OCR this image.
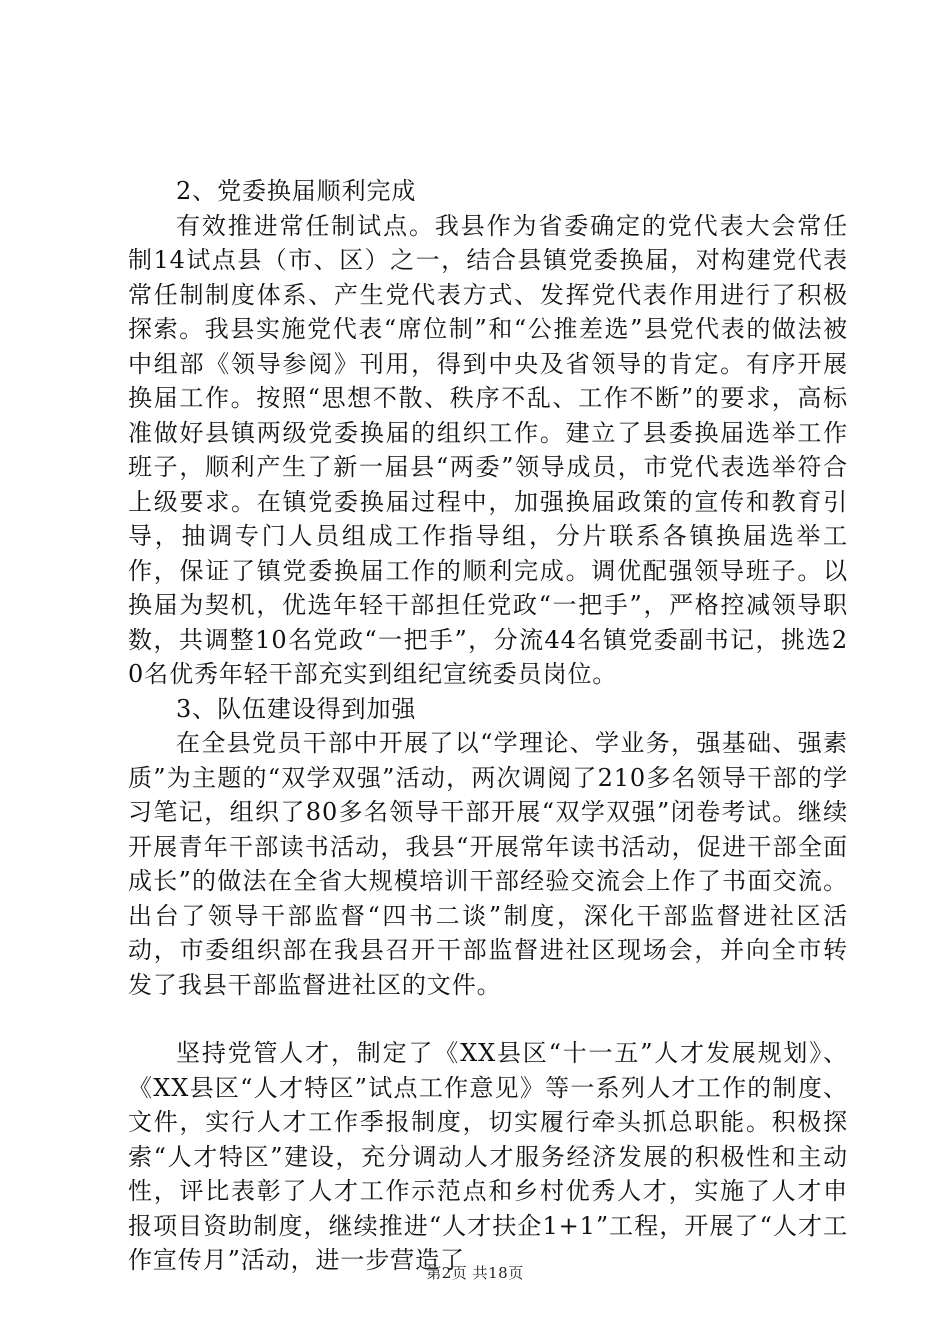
2、党委换届顺利完成

有效推进常任制试点。我县作为省委确定的党代表大会常任制14试点县（市、区）之一，结合县镇党委换届，对构建党代表常任制制度体系、产生党代表方式、发挥党代表作用进行了积极探索。我县实施党代表“席位制”和“公推差选”县党代表的做法被中组部《领导参阅》刊用，得到中央及省领导的肯定。有序开展换届工作。按照“思想不散、秩序不乱、工作不断”的要求，高标准做好县镇两级党委换届的组织工作。建立了县委换届选举工作班子，顺利产生了新一届县“两委”领导成员，市党代表选举符合上级要求。在镇党委换届过程中，加强换届政策的宣传和教育引导，抽调专门人员组成工作指导组，分片联系各镇换届选举工作，保证了镇党委换届工作的顺利完成。调优配强领导班子。以换届为契机，优选年轻干部担任党政“一把手”，严格控减领导职数，共调整10名党政“一把手”，分流44名镇党委副书记，挑选20名优秀年轻干部充实到组纪宣统委员岗位。

3、队伍建设得到加强

在全县党员干部中开展了以“学理论、学业务，强基础、强素质”为主题的“双学双强”活动，两次调阅了210多名领导干部的学习笔记，组织了80多名领导干部开展“双学双强”闭卷考试。继续开展青年干部读书活动，我县“开展常年读书活动，促进干部全面成长”的做法在全省大规模培训干部经验交流会上作了书面交流。出台了领导干部监督“四书二谈”制度，深化干部监督进社区活动，市委组织部在我县召开干部监督进社区现场会，并向全市转发了我县干部监督进社区的文件。

坚持党管人才，制定了《XX县区“十一五”人才发展规划》、《XX县区“人才特区”试点工作意见》等一系列人才工作的制度、文件，实行人才工作季报制度，切实履行牵头抓总职能。积极探索“人才特区”建设，充分调动人才服务经济发展的积极性和主动性，评比表彰了人才工作示范点和乡村优秀人才，实施了人才申报项目资助制度，继续推进“人才扶企1+1”工程，开展了“人才工作宣传月”活动，进一步营造了

第2页 共18页
